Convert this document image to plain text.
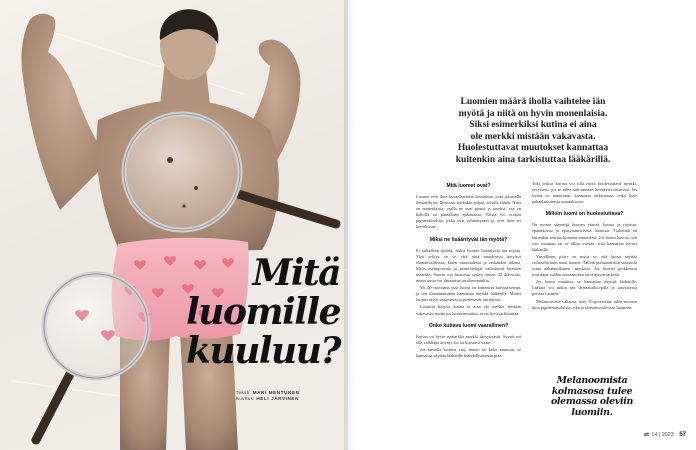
Mitä
luomille
kuuluu?
Teksti: MARI MENTUNEN
Kuvitus: HELI JÄRVINEN
Luomien määrä iholla vaihtelee iän
myötä ja niitä on hyvin monenlaisia.
Siksi esimerkiksi kutina ei aina
ole merkki mistään vakavasta.
Huolestuttavat muutokset kannattaa
kuitenkin aina tarkistuttaa lääkärillä.
Mitä luomet ovat?

Luomet ovat ihon hyvänlaatuisia kasvaimia, joita jokaisella ihmisellä on. Ihossaan, kulkukin paljon, toisilla vähän. Niitä on monenlaisia, osalla ne ovat pieniä ja tasaisia, osa on koholla tai pinnaltaan epätasaisia. Niistä voi erottaa pigmenttisoluja, jotka ovat ryhmittyneet ja ovat ihon eri kerroksissa.

Miksi ne lisääntyvät iän myötä?

Ei tarkalleen tiedetä, miksi luomet lisääntyvät iän myötä. Yksi selitys on se, että niitä muodostuu tietyissä elämänvaiheissa, kuten nuoruudessa ja raskauden aikana. Myös auringonvalo ja perintötekijät vaikuttavat luomien määrään. Suurin osa luomista syntyy ennen 40 ikävuotta, mutta uusia voi ilmaantua myöhemminkin.

Yli 40-vuotiaana uusi luomi on kuitenkin harvinaisempi, ja sen ilmaantuminen kannattaa näyttää lääkärille. Monet luomet myös vaalenevat ja pienenevät iän myötä.

Luomiin liittyvä kutina ei aina ole merkki mistään vakavasta, mutta jos luomi muuttuu, se on hyvä tarkistuttaa.

Onko kutiava luomi vaarallinen?

Kutina on hyvin epätarkka merkki ihosyövästä. Syynä voi olla vaikkapa ärtynyt iho tai kiristävä vaate.

Jos samalla luomen väri, muoto tai koko muuttuu, se kannattaa näyttää lääkärille mahdollisimman pian.

Toki joskus kutina voi olla myös huolestuttava merkki, erityisesti, jos se tulee niin samaan luomeen toistuvasti. Jos luomi on muuttunut, kannattaa tarkistuttaa, onko kyse pahanlaatuisesta muutoksesta.

Milloin luomi on huolestuttava?

On monia säännöjä luomen väristä, koosta ja rajoista, epätarkoista ja epäsymmetrisistä luomista. Tärkeintä on kuitenkin seurata luomien muutoksia. Jos luomi kasvaa, sen väri muuttuu tai se alkaa vuotaa, siitä kannattaa kertoa lääkärille.

Vaarallinen piirre on myös se, että luomi näyttää erilaiselta kuin muut luomet. Tällöin puhutaan niin sanotusta ruma ankanpoikanen -merkistä. Jos luomet poikkeavat toisistaan, niiden seuraaminen on erityisen tärkeää.

Jos luomi muuttuu, se kannattaa näyttää lääkärille. Lääkäri voi tutkia sen dermatoskoopilla ja tarvittaessa poistaa luomen.

Melanoomista valtaosa, noin 70 prosenttia, tulee suoraan ihon pigmenttisoluista, eikä jo olemassa olevaan luomeen.

Melanoomista
kolmasosa tulee
olemassa oleviin
luomiin.
et 14 | 2023 57
